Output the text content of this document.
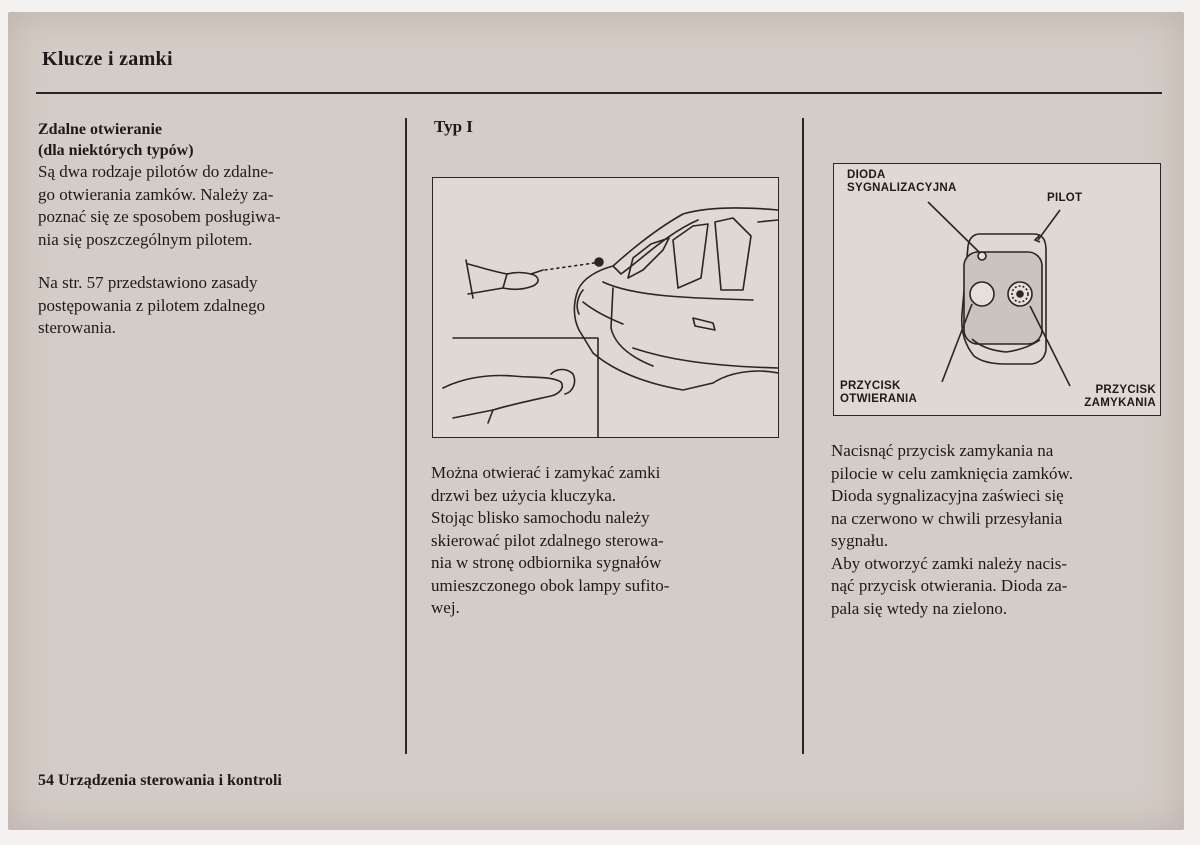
Klucze i zamki

Zdalne otwieranie

(dla niektórych typów)

Są dwa rodzaje pilotów do zdalne-

go otwierania zamków. Należy za-

poznać się ze sposobem posługiwa-

nia się poszczególnym pilotem.

Na str. 57 przedstawiono zasady

postępowania z pilotem zdalnego

sterowania.

Typ I

Można otwierać i zamykać zamki

drzwi bez użycia kluczyka.

Stojąc blisko samochodu należy

skierować pilot zdalnego sterowa-

nia w stronę odbiornika sygnałów

umieszczonego obok lampy sufito-

wej.

DIODA
SYGNALIZACYJNA
PILOT
PRZYCISK
OTWIERANIA
PRZYCISK
ZAMYKANIA

Nacisnąć przycisk zamykania na

pilocie w celu zamknięcia zamków.

Dioda sygnalizacyjna zaświeci się

na czerwono w chwili przesyłania

sygnału.

Aby otworzyć zamki należy nacis-

nąć przycisk otwierania. Dioda za-

pala się wtedy na zielono.

54 Urządzenia sterowania i kontroli
